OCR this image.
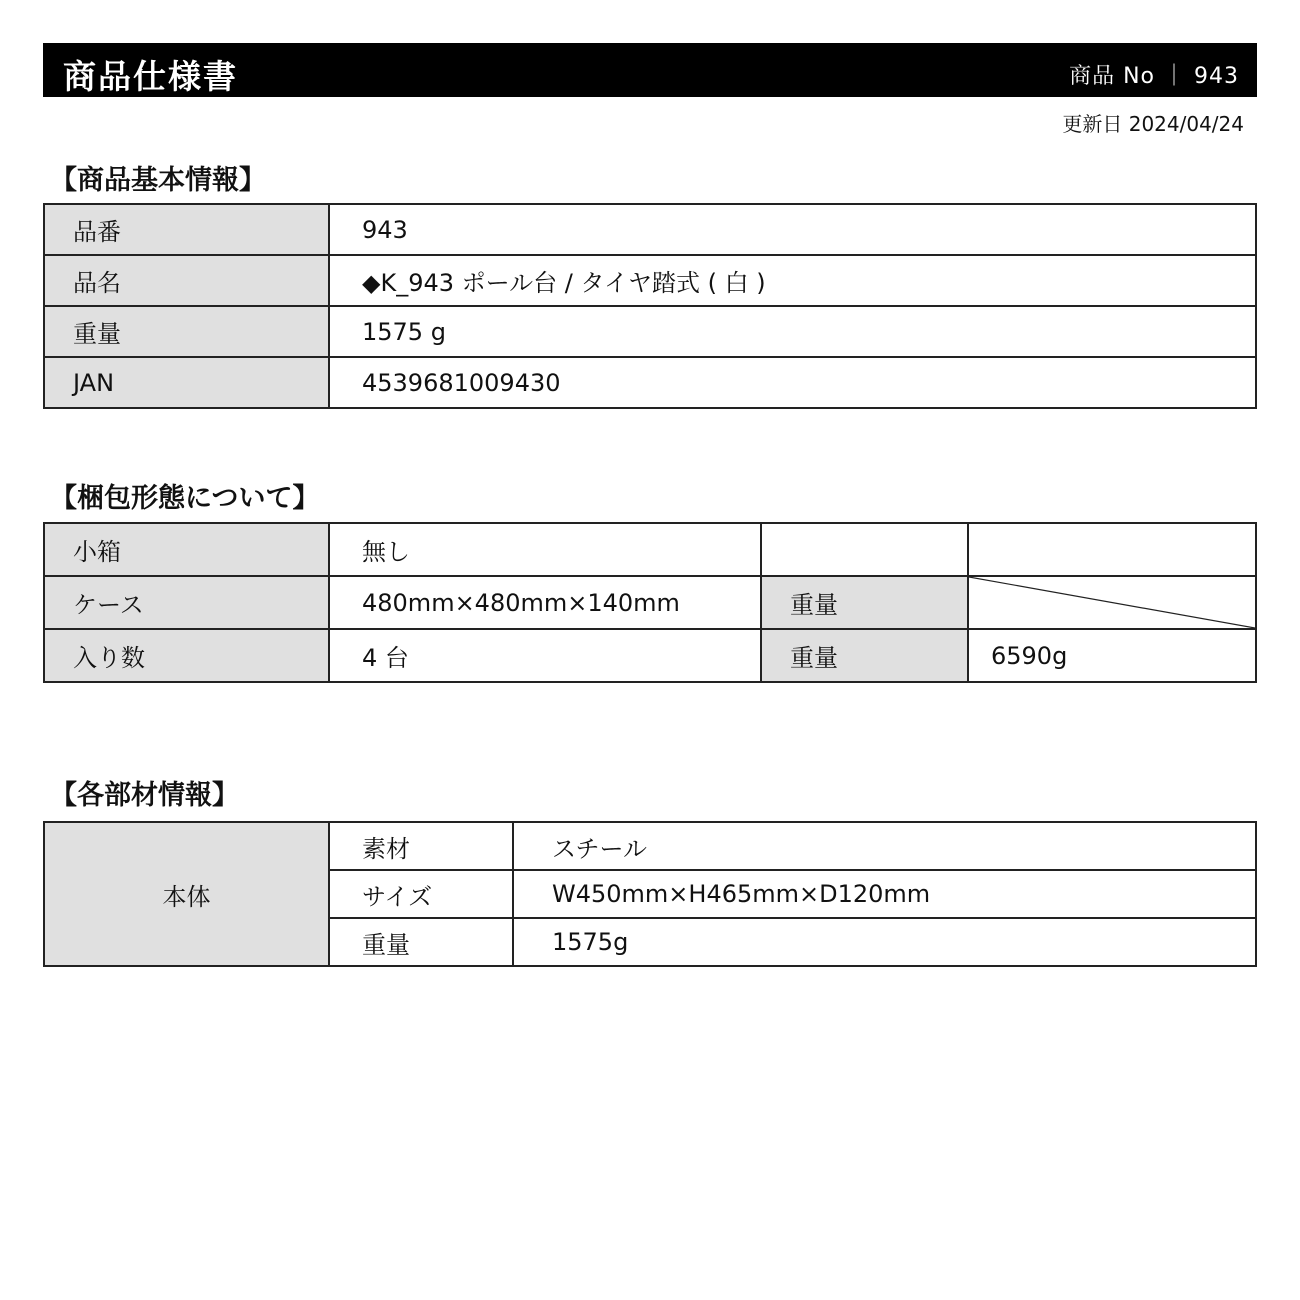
商品仕様書	商品 No ｜ 943
更新日 2024/04/24
【商品基本情報】
品番	943
品名	◆K_943 ポール台 / タイヤ踏式 ( 白 )
重量	1575 g
JAN	4539681009430
【梱包形態について】
小箱	無し		
ケース	480mm×480mm×140mm	重量	

入り数	4 台	重量	6590g
【各部材情報】
本体	素材	スチール
	サイズ	W450mm×H465mm×D120mm
	重量	1575g
